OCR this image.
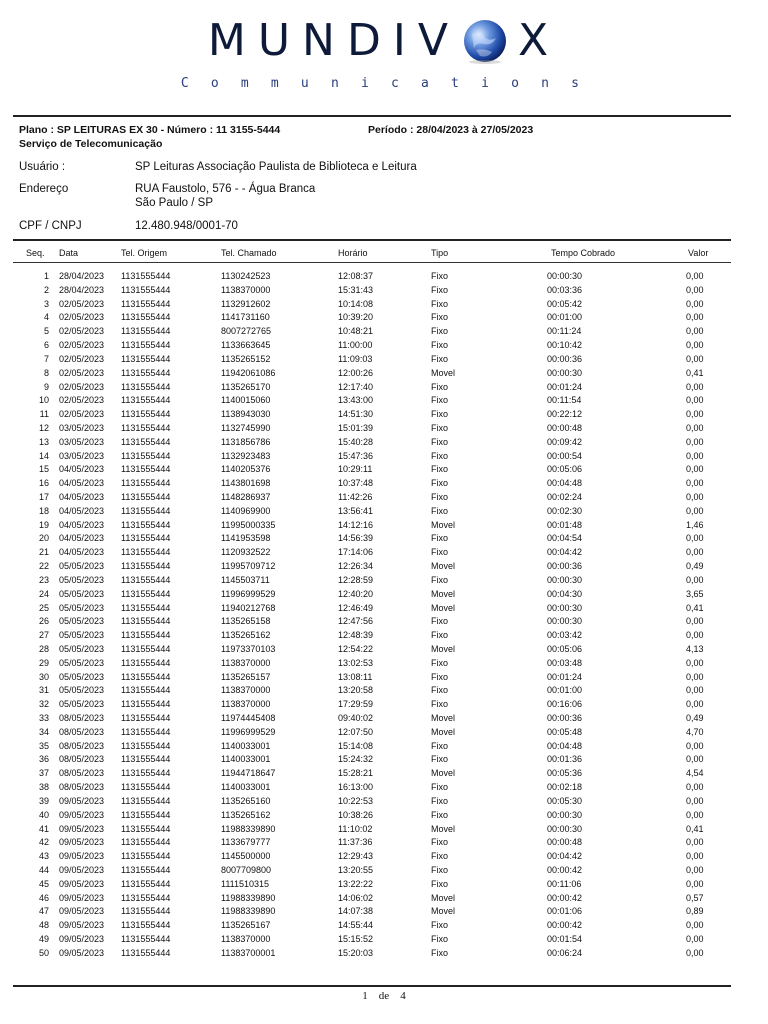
MUNDIV X
Communications
Plano : SP LEITURAS EX 30 - Número : 11 3155-5444	Período : 28/04/2023 à 27/05/2023
Serviço de Telecomunicação
Usuário :	SP Leituras Associação Paulista de Biblioteca e Leitura
Endereço	RUA Faustolo, 576 - - Água Branca
São Paulo / SP
CPF / CNPJ	12.480.948/0001-70
Seq. Data	Tel. Origem	Tel. Chamado	Horário	Tipo	Tempo Cobrado	Valor
1 28/04/2023 1131555444	1130242523	12:08:37	Fixo	00:00:30	0,00
2 28/04/2023 1131555444	1138370000	15:31:43	Fixo	00:03:36	0,00
3 02/05/2023 1131555444	1132912602	10:14:08	Fixo	00:05:42	0,00
4 02/05/2023 1131555444	1141731160	10:39:20	Fixo	00:01:00	0,00
5 02/05/2023 1131555444	8007272765	10:48:21	Fixo	00:11:24	0,00
6 02/05/2023 1131555444	1133663645	11:00:00	Fixo	00:10:42	0,00
7 02/05/2023 1131555444	1135265152	11:09:03	Fixo	00:00:36	0,00
8 02/05/2023 1131555444	11942061086	12:00:26	Movel	00:00:30	0,41
9 02/05/2023 1131555444	1135265170	12:17:40	Fixo	00:01:24	0,00
10 02/05/2023 1131555444	1140015060	13:43:00	Fixo	00:11:54	0,00
11 02/05/2023 1131555444	1138943030	14:51:30	Fixo	00:22:12	0,00
12 03/05/2023 1131555444	1132745990	15:01:39	Fixo	00:00:48	0,00
13 03/05/2023 1131555444	1131856786	15:40:28	Fixo	00:09:42	0,00
14 03/05/2023 1131555444	1132923483	15:47:36	Fixo	00:00:54	0,00
15 04/05/2023 1131555444	1140205376	10:29:11	Fixo	00:05:06	0,00
16 04/05/2023 1131555444	1143801698	10:37:48	Fixo	00:04:48	0,00
17 04/05/2023 1131555444	1148286937	11:42:26	Fixo	00:02:24	0,00
18 04/05/2023 1131555444	1140969900	13:56:41	Fixo	00:02:30	0,00
19 04/05/2023 1131555444	11995000335	14:12:16	Movel	00:01:48	1,46
20 04/05/2023 1131555444	1141953598	14:56:39	Fixo	00:04:54	0,00
21 04/05/2023 1131555444	1120932522	17:14:06	Fixo	00:04:42	0,00
22 05/05/2023 1131555444	11995709712	12:26:34	Movel	00:00:36	0,49
23 05/05/2023 1131555444	1145503711	12:28:59	Fixo	00:00:30	0,00
24 05/05/2023 1131555444	11996999529	12:40:20	Movel	00:04:30	3,65
25 05/05/2023 1131555444	11940212768	12:46:49	Movel	00:00:30	0,41
26 05/05/2023 1131555444	1135265158	12:47:56	Fixo	00:00:30	0,00
27 05/05/2023 1131555444	1135265162	12:48:39	Fixo	00:03:42	0,00
28 05/05/2023 1131555444	11973370103	12:54:22	Movel	00:05:06	4,13
29 05/05/2023 1131555444	1138370000	13:02:53	Fixo	00:03:48	0,00
30 05/05/2023 1131555444	1135265157	13:08:11	Fixo	00:01:24	0,00
31 05/05/2023 1131555444	1138370000	13:20:58	Fixo	00:01:00	0,00
32 05/05/2023 1131555444	1138370000	17:29:59	Fixo	00:16:06	0,00
33 08/05/2023 1131555444	11974445408	09:40:02	Movel	00:00:36	0,49
34 08/05/2023 1131555444	11996999529	12:07:50	Movel	00:05:48	4,70
35 08/05/2023 1131555444	1140033001	15:14:08	Fixo	00:04:48	0,00
36 08/05/2023 1131555444	1140033001	15:24:32	Fixo	00:01:36	0,00
37 08/05/2023 1131555444	11944718647	15:28:21	Movel	00:05:36	4,54
38 08/05/2023 1131555444	1140033001	16:13:00	Fixo	00:02:18	0,00
39 09/05/2023 1131555444	1135265160	10:22:53	Fixo	00:05:30	0,00
40 09/05/2023 1131555444	1135265162	10:38:26	Fixo	00:00:30	0,00
41 09/05/2023 1131555444	11988339890	11:10:02	Movel	00:00:30	0,41
42 09/05/2023 1131555444	1133679777	11:37:36	Fixo	00:00:48	0,00
43 09/05/2023 1131555444	1145500000	12:29:43	Fixo	00:04:42	0,00
44 09/05/2023 1131555444	8007709800	13:20:55	Fixo	00:00:42	0,00
45 09/05/2023 1131555444	1111510315	13:22:22	Fixo	00:11:06	0,00
46 09/05/2023 1131555444	11988339890	14:06:02	Movel	00:00:42	0,57
47 09/05/2023 1131555444	11988339890	14:07:38	Movel	00:01:06	0,89
48 09/05/2023 1131555444	1135265167	14:55:44	Fixo	00:00:42	0,00
49 09/05/2023 1131555444	1138370000	15:15:52	Fixo	00:01:54	0,00
50 09/05/2023 1131555444	11383700001	15:20:03	Fixo	00:06:24	0,00
1 de 4
